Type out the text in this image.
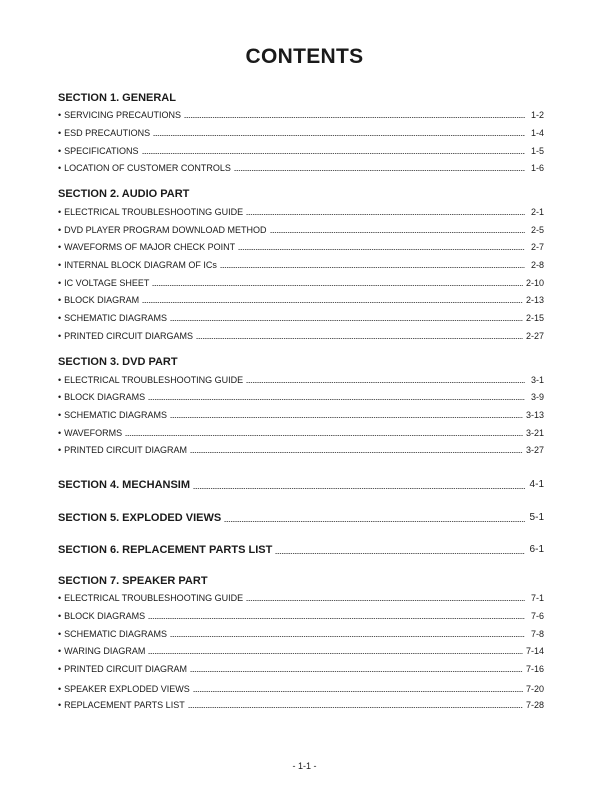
CONTENTS
SECTION 1. GENERAL
• SERVICING PRECAUTIONS	1-2
• ESD PRECAUTIONS	1-4
• SPECIFICATIONS	1-5
• LOCATION OF CUSTOMER CONTROLS	1-6
SECTION 2. AUDIO PART
• ELECTRICAL TROUBLESHOOTING GUIDE	2-1
• DVD PLAYER PROGRAM DOWNLOAD METHOD	2-5
• WAVEFORMS OF MAJOR CHECK POINT	2-7
• INTERNAL BLOCK DIAGRAM OF ICs	2-8
• IC VOLTAGE SHEET	2-10
• BLOCK DIAGRAM	2-13
• SCHEMATIC DIAGRAMS	2-15
• PRINTED CIRCUIT DIARGAMS	2-27
SECTION 3. DVD PART
• ELECTRICAL TROUBLESHOOTING GUIDE	3-1
• BLOCK DIAGRAMS	3-9
• SCHEMATIC DIAGRAMS	3-13
• WAVEFORMS	3-21
• PRINTED CIRCUIT DIAGRAM	3-27
SECTION 4. MECHANSIM	4-1
SECTION 5. EXPLODED VIEWS	5-1
SECTION 6. REPLACEMENT PARTS LIST	6-1
SECTION 7. SPEAKER PART
• ELECTRICAL TROUBLESHOOTING GUIDE	7-1
• BLOCK DIAGRAMS	7-6
• SCHEMATIC DIAGRAMS	7-8
• WARING DIAGRAM	7-14
• PRINTED CIRCUIT DIAGRAM	7-16
• SPEAKER EXPLODED VIEWS	7-20
• REPLACEMENT PARTS LIST	7-28
- 1-1 -
